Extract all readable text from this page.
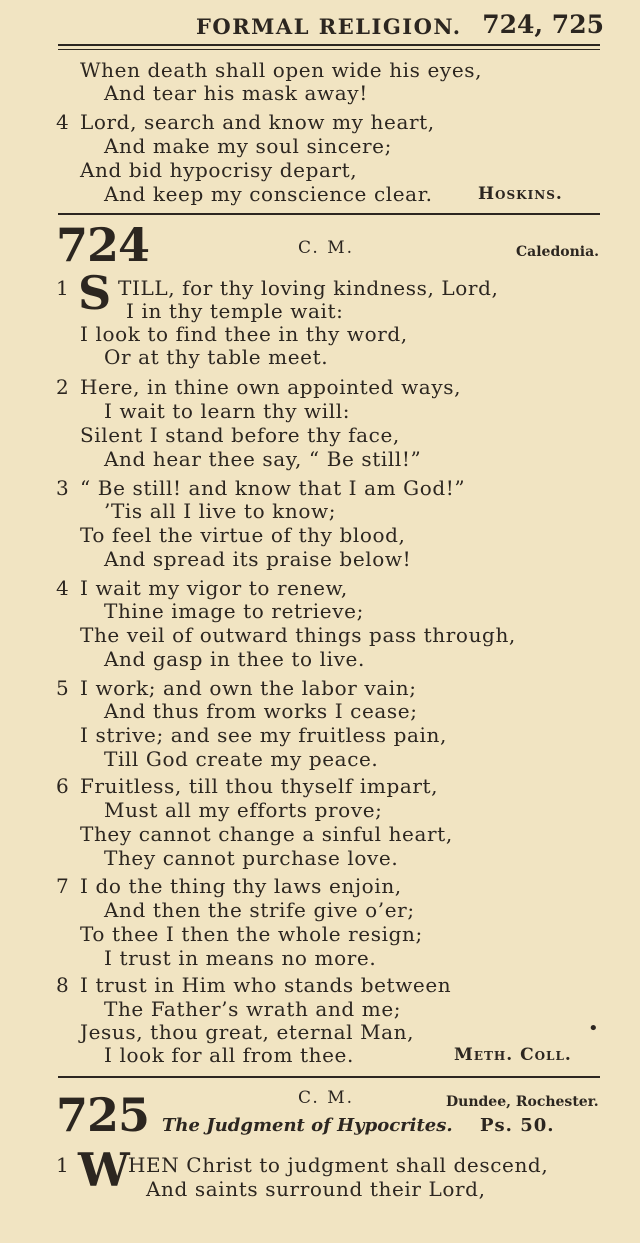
FORMAL RELIGION. 724, 725
When death shall open wide his eyes,
And tear his mask away!
4 Lord, search and know my heart,
And make my soul sincere;
And bid hypocrisy depart,
And keep my conscience clear.	Hoskins.
724	C. M.	Caledonia.
1 S TILL, for thy loving kindness, Lord,
I in thy temple wait:
I look to find thee in thy word,
Or at thy table meet.
2 Here, in thine own appointed ways,
I wait to learn thy will:
Silent I stand before thy face,
And hear thee say, “ Be still!”
3 “ Be still! and know that I am God!”
’Tis all I live to know;
To feel the virtue of thy blood,
And spread its praise below!
4 I wait my vigor to renew,
Thine image to retrieve;
The veil of outward things pass through,
And gasp in thee to live.
5 I work; and own the labor vain;
And thus from works I cease;
I strive; and see my fruitless pain,
Till God create my peace.
6 Fruitless, till thou thyself impart,
Must all my efforts prove;
They cannot change a sinful heart,
They cannot purchase love.
7 I do the thing thy laws enjoin,
And then the strife give o’er;
To thee I then the whole resign;
I trust in means no more.
8 I trust in Him who stands between
The Father’s wrath and me;
Jesus, thou great, eternal Man,	•
I look for all from thee.	Meth. Coll.
725	C. M.	Dundee, Rochester.
The Judgment of Hypocrites. Ps. 50.
1 W
HEN Christ to judgment shall descend,
And saints surround their Lord,
